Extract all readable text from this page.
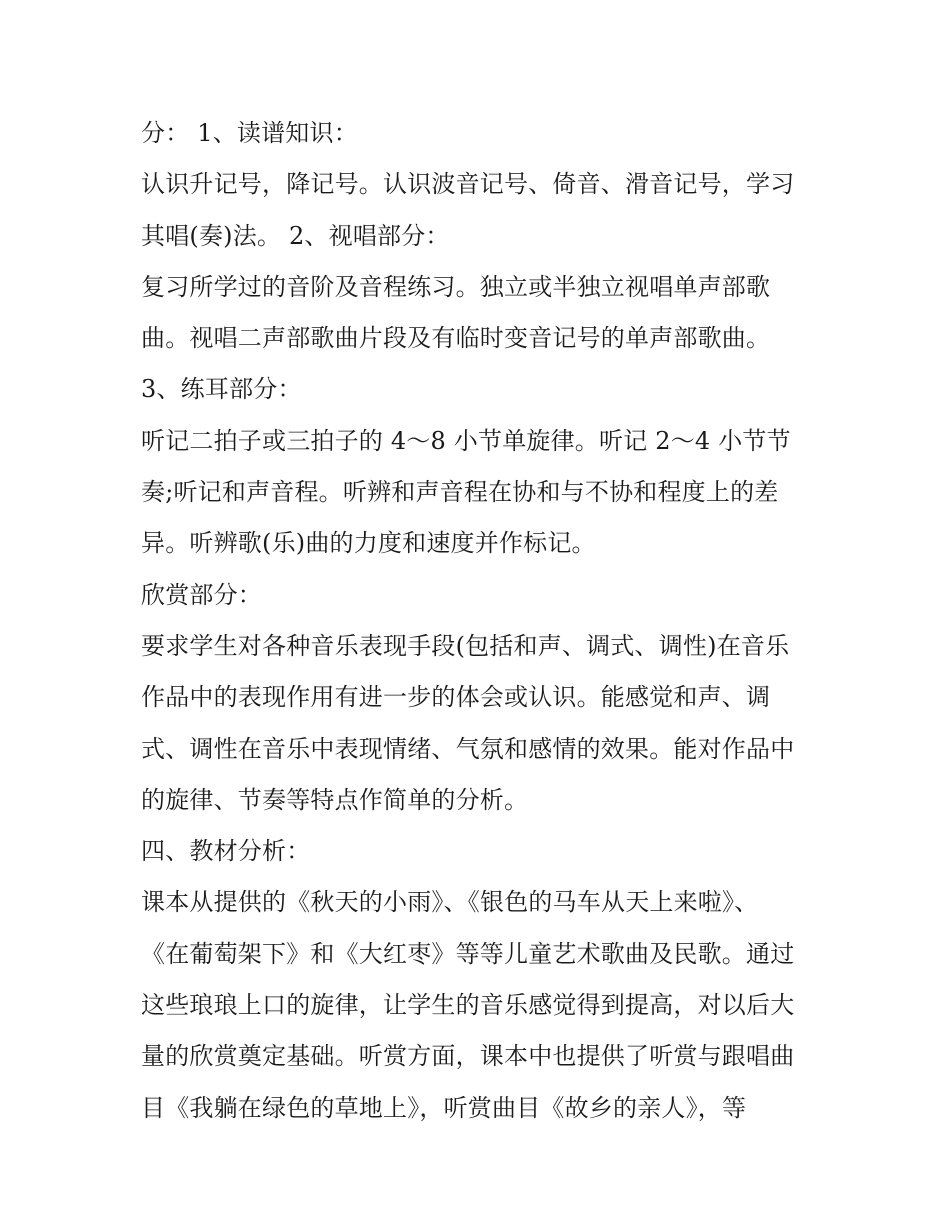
分： 1、读谱知识：
认识升记号，降记号。认识波音记号、倚音、滑音记号，学习
其唱(奏)法。 2、视唱部分：
复习所学过的音阶及音程练习。独立或半独立视唱单声部歌
曲。视唱二声部歌曲片段及有临时变音记号的单声部歌曲。
3、练耳部分：
听记二拍子或三拍子的 4～8 小节单旋律。听记 2～4 小节节
奏;听记和声音程。听辨和声音程在协和与不协和程度上的差
异。听辨歌(乐)曲的力度和速度并作标记。
欣赏部分：
要求学生对各种音乐表现手段(包括和声、调式、调性)在音乐
作品中的表现作用有进一步的体会或认识。能感觉和声、调
式、调性在音乐中表现情绪、气氛和感情的效果。能对作品中
的旋律、节奏等特点作简单的分析。
四、教材分析：
课本从提供的《秋天的小雨》、《银色的马车从天上来啦》、
《在葡萄架下》和《大红枣》等等儿童艺术歌曲及民歌。通过
这些琅琅上口的旋律，让学生的音乐感觉得到提高，对以后大
量的欣赏奠定基础。听赏方面，课本中也提供了听赏与跟唱曲
目《我躺在绿色的草地上》，听赏曲目《故乡的亲人》，等
